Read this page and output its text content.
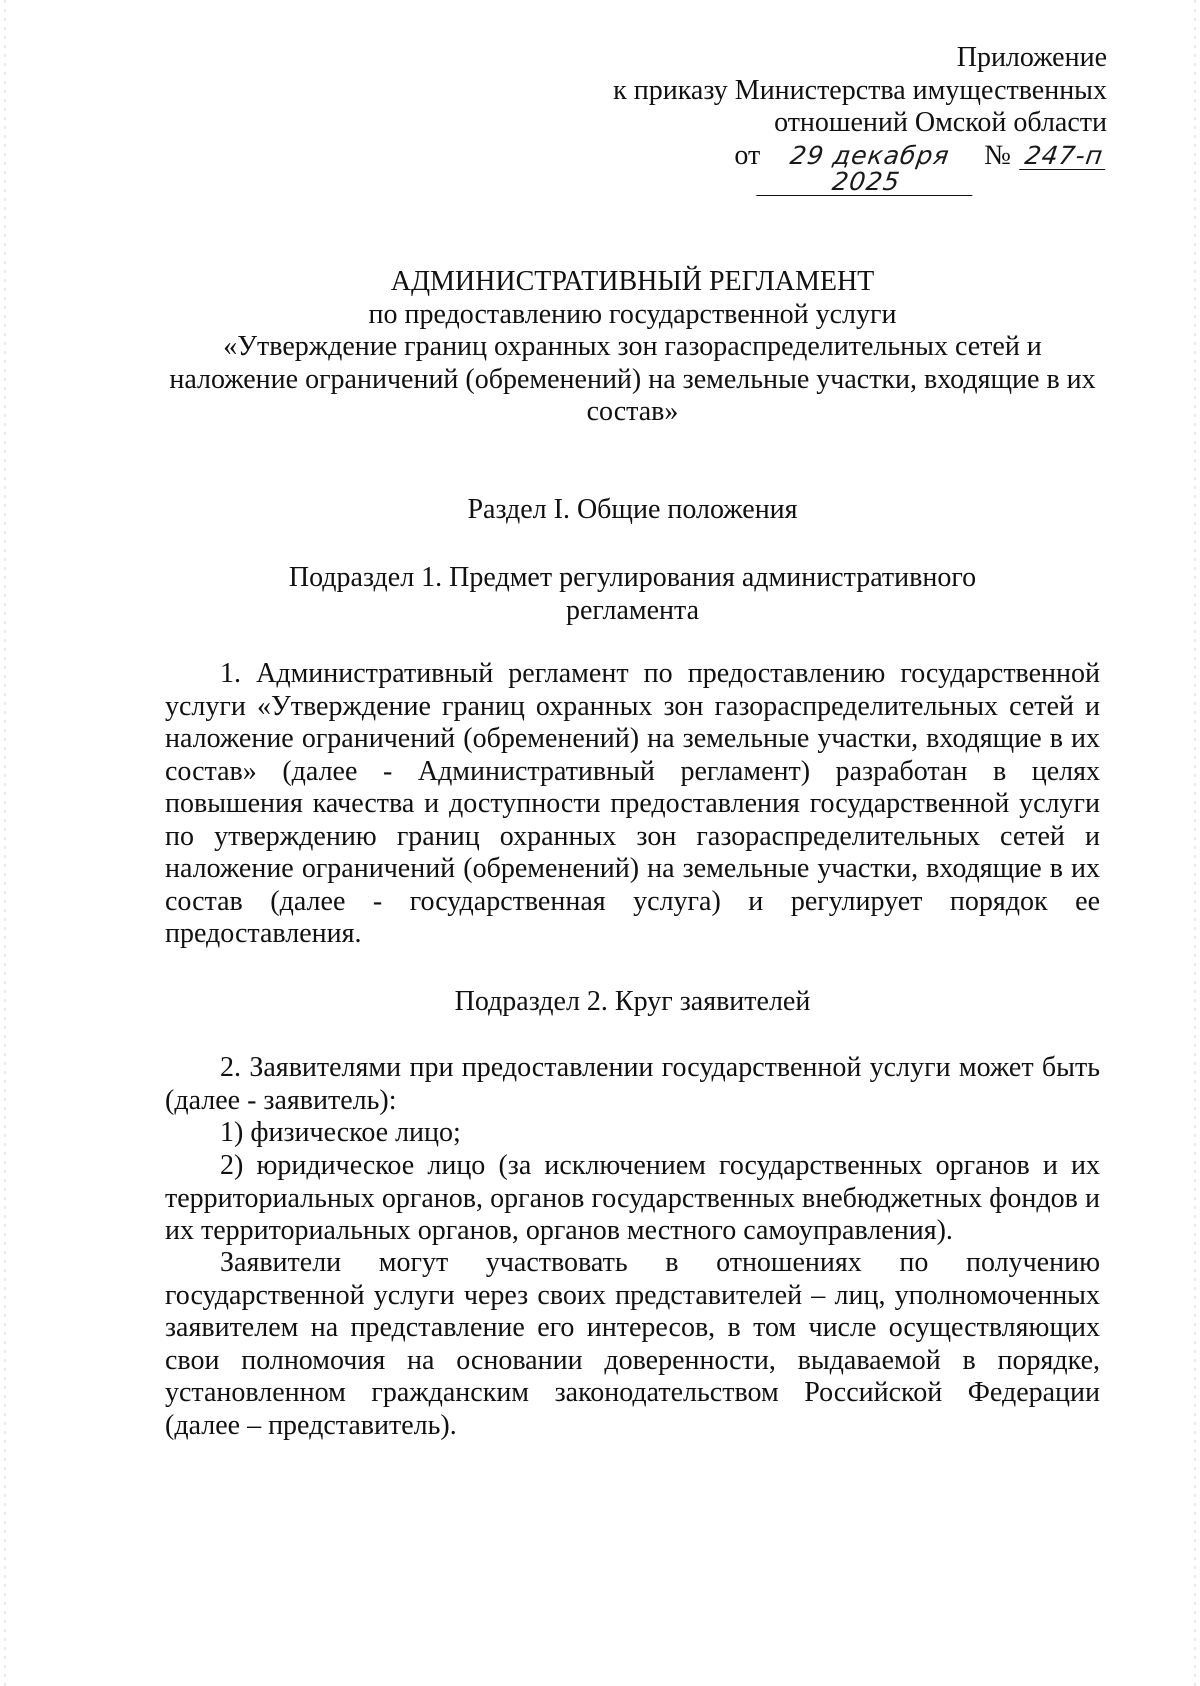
Приложение
к приказу Министерства имущественных
отношений Омской области
от	29 декабря 2025
№ 247-п
АДМИНИСТРАТИВНЫЙ РЕГЛАМЕНТ
по предоставлению государственной услуги
«Утверждение границ охранных зон газораспределительных сетей и
наложение ограничений (обременений) на земельные участки, входящие в их
состав»
Раздел I. Общие положения
Подраздел 1. Предмет регулирования административного
регламента

1. Административный регламент по предоставлению государственной услуги «Утверждение границ охранных зон газораспределительных сетей и наложение ограничений (обременений) на земельные участки, входящие в их состав» (далее - Административный регламент) разработан в целях повышения качества и доступности предоставления государственной услуги по утверждению границ охранных зон газораспределительных сетей и наложение ограничений (обременений) на земельные участки, входящие в их состав (далее - государственная услуга) и регулирует порядок ее предоставления.

Подраздел 2. Круг заявителей

2. Заявителями при предоставлении государственной услуги может быть (далее - заявитель):

1) физическое лицо;

2) юридическое лицо (за исключением государственных органов и их территориальных органов, органов государственных внебюджетных фондов и их территориальных органов, органов местного самоуправления).

Заявители могут участвовать в отношениях по получению государственной услуги через своих представителей – лиц, уполномоченных заявителем на представление его интересов, в том числе осуществляющих свои полномочия на основании доверенности, выдаваемой в порядке, установленном гражданским законодательством Российской Федерации (далее – представитель).
